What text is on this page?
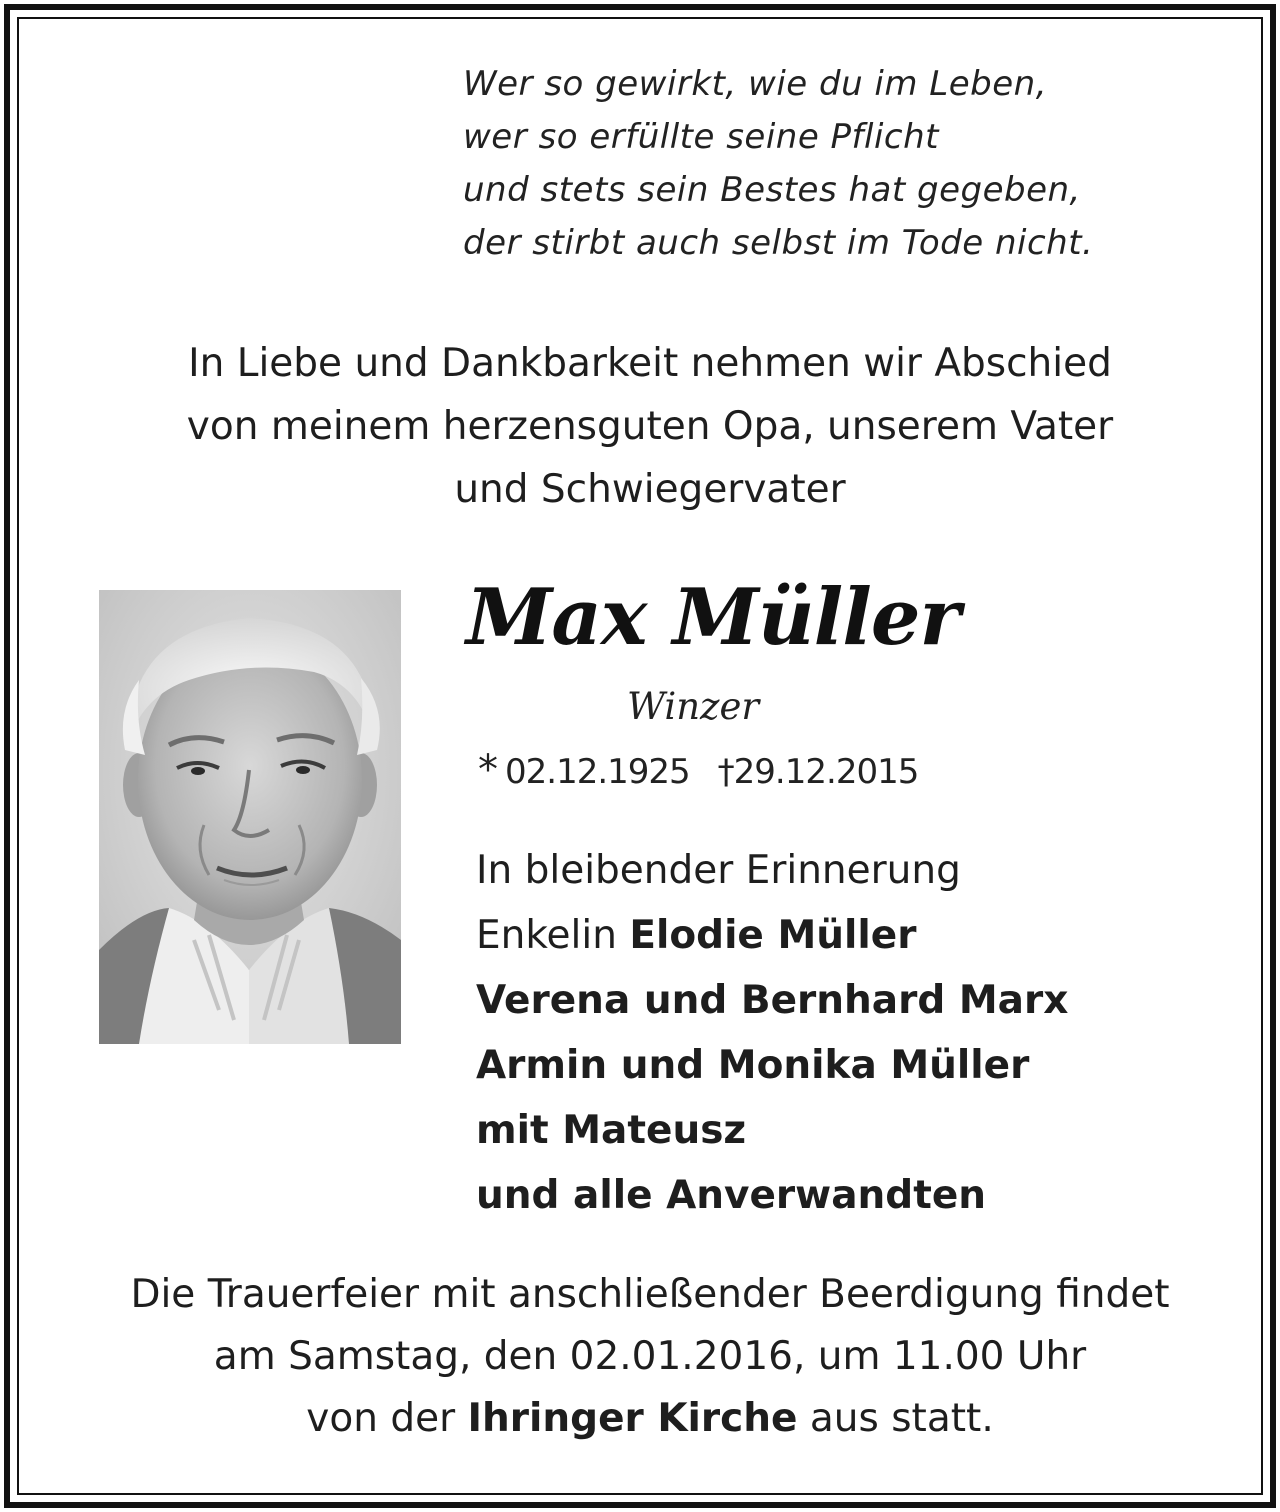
Wer so gewirkt, wie du im Leben,
wer so erfüllte seine Pflicht
und stets sein Bestes hat gegeben,
der stirbt auch selbst im Tode nicht.
In Liebe und Dankbarkeit nehmen wir Abschied
von meinem herzensguten Opa, unserem Vater
und Schwiegervater
Max Müller
Winzer
* 02.12.1925 †29.12.2015
In bleibender Erinnerung
Enkelin Elodie Müller
Verena und Bernhard Marx
Armin und Monika Müller
mit Mateusz
und alle Anverwandten
Die Trauerfeier mit anschließender Beerdigung findet
am Samstag, den 02.01.2016, um 11.00 Uhr
von der Ihringer Kirche aus statt.
